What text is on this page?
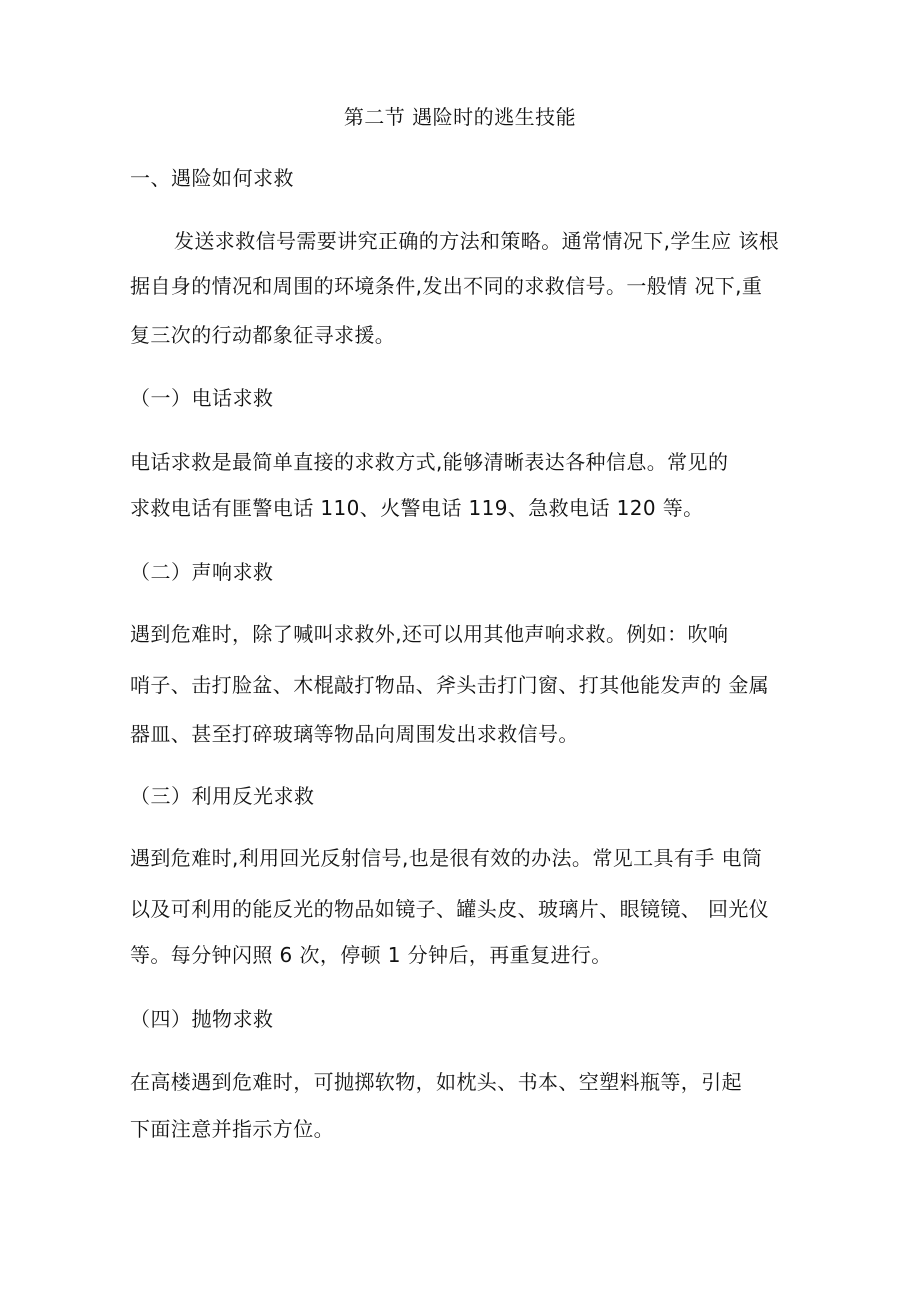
第二节 遇险时的逃生技能
一、遇险如何求救
发送求救信号需要讲究正确的方法和策略。通常情况下,学生应 该根
据自身的情况和周围的环境条件,发出不同的求救信号。一般情 况下,重
复三次的行动都象征寻求援。
（一）电话求救
电话求救是最简单直接的求救方式,能够清晰表达各种信息。常见的
求救电话有匪警电话 110、火警电话 119、急救电话 120 等。
（二）声响求救
遇到危难时，除了喊叫求救外,还可以用其他声响求救。例如：吹响
哨子、击打脸盆、木棍敲打物品、斧头击打门窗、打其他能发声的 金属
器皿、甚至打碎玻璃等物品向周围发出求救信号。
（三）利用反光求救
遇到危难时,利用回光反射信号,也是很有效的办法。常见工具有手 电筒
以及可利用的能反光的物品如镜子、罐头皮、玻璃片、眼镜镜、 回光仪
等。每分钟闪照 6 次，停顿 1 分钟后，再重复进行。
（四）抛物求救
在高楼遇到危难时，可抛掷软物，如枕头、书本、空塑料瓶等，引起
下面注意并指示方位。
